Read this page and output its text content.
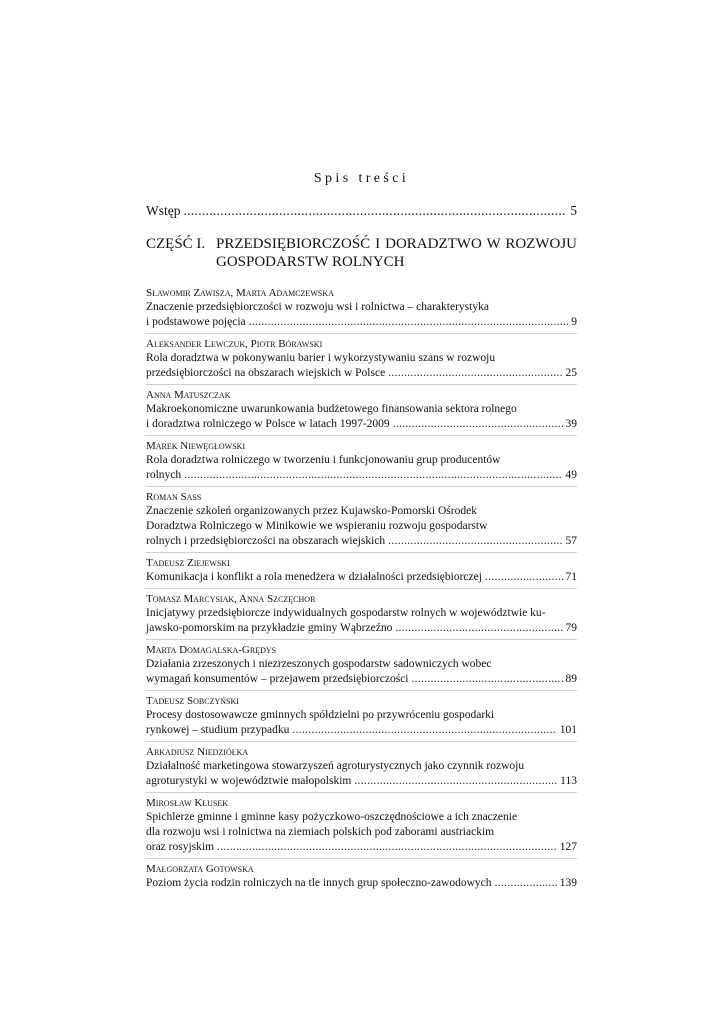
Spis treści
Wstęp .....	5
CZĘŚĆ I. PRZEDSIĘBIORCZOŚĆ I DORADZTWO W ROZWOJU
GOSPODARSTW ROLNYCH
Sławomir Zawisza, Marta Adamczewska
Znaczenie przedsiębiorczości w rozwoju wsi i rolnictwa – charakterystyka
i podstawowe pojęcia .....	9
Aleksander Lewczuk, Piotr Bórawski
Rola doradztwa w pokonywaniu barier i wykorzystywaniu szans w rozwoju
przedsiębiorczości na obszarach wiejskich w Polsce .....	25
Anna Matuszczak
Makroekonomiczne uwarunkowania budżetowego finansowania sektora rolnego
i doradztwa rolniczego w Polsce w latach 1997-2009 .....	39
Marek Niewęgłowski
Rola doradztwa rolniczego w tworzeniu i funkcjonowaniu grup producentów
rolnych .....	49
Roman Sass
Znaczenie szkoleń organizowanych przez Kujawsko-Pomorski Ośrodek
Doradztwa Rolniczego w Minikowie we wspieraniu rozwoju gospodarstw
rolnych i przedsiębiorczości na obszarach wiejskich .....	57
Tadeusz Ziejewski
Komunikacja i konflikt a rola menedżera w działalności przedsiębiorczej .....	71
Tomasz Marcysiak, Anna Szczęchor
Inicjatywy przedsiębiorcze indywidualnych gospodarstw rolnych w województwie ku-
jawsko-pomorskim na przykładzie gminy Wąbrzeźno .....	79
Marta Domagalska-Grędys
Działania zrzeszonych i niezrzeszonych gospodarstw sadowniczych wobec
wymagań konsumentów – przejawem przedsiębiorczości .....	89
Tadeusz Sobczyński
Procesy dostosowawcze gminnych spółdzielni po przywróceniu gospodarki
rynkowej – studium przypadku .....	101
Arkadiusz Niedziółka
Działalność marketingowa stowarzyszeń agroturystycznych jako czynnik rozwoju
agroturystyki w województwie małopolskim .....	113
Mirosław Kłusek
Spichlerze gminne i gminne kasy pożyczkowo-oszczędnościowe a ich znaczenie
dla rozwoju wsi i rolnictwa na ziemiach polskich pod zaborami austriackim
oraz rosyjskim .....	127
Małgorzata Gotowska
Poziom życia rodzin rolniczych na tle innych grup społeczno-zawodowych .....	139
